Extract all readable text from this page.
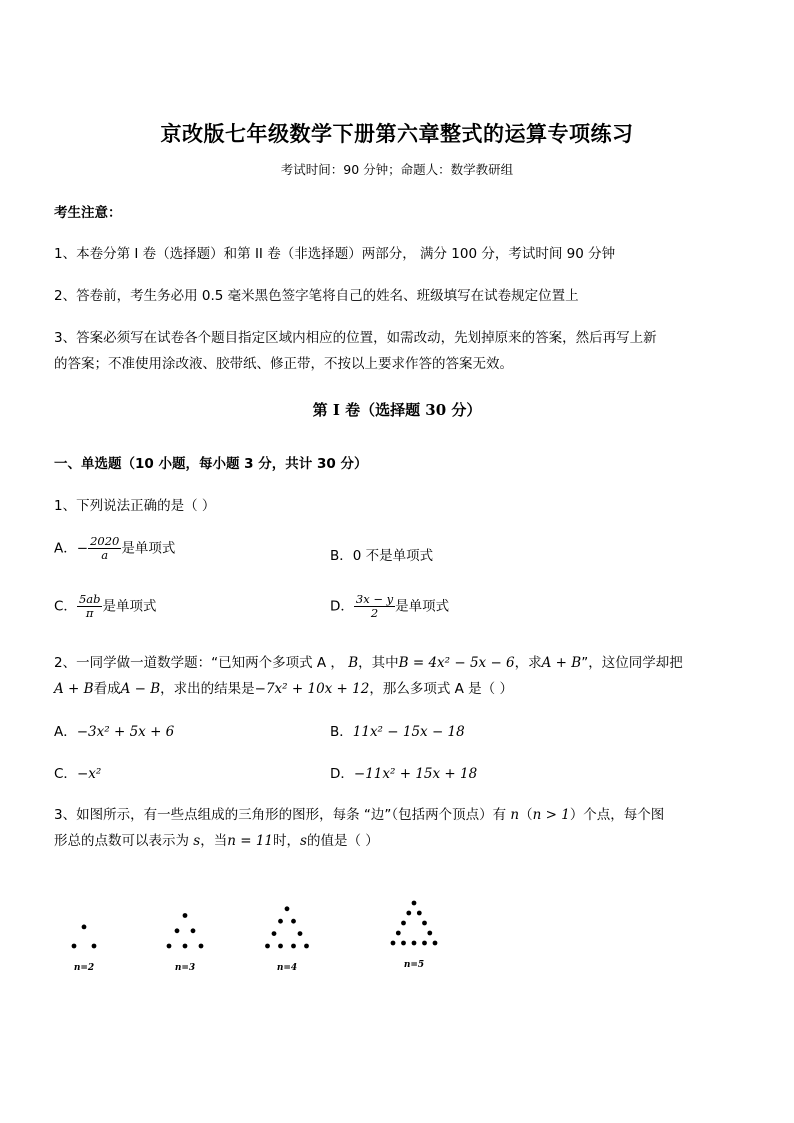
京改版七年级数学下册第六章整式的运算专项练习
考试时间：90 分钟；命题人：数学教研组
考生注意：
1、本卷分第 I 卷（选择题）和第 II 卷（非选择题）两部分， 满分 100 分，考试时间 90 分钟
2、答卷前，考生务必用 0.5 毫米黑色签字笔将自己的姓名、班级填写在试卷规定位置上
3、答案必须写在试卷各个题目指定区域内相应的位置，如需改动，先划掉原来的答案，然后再写上新
的答案；不准使用涂改液、胶带纸、修正带，不按以上要求作答的答案无效。
第 I 卷（选择题 30 分）
一、单选题（10 小题，每小题 3 分，共计 30 分）
1、下列说法正确的是（ ）
A．− $\frac{2020}{a}$ 是单项式	B．0 不是单项式
C． $\frac{5ab}{\pi}$ 是单项式	D． $\frac{3x - y}{2}$ 是单项式
2、一同学做一道数学题：“已知两个多项式 A ， B，其中B = 4x² − 5x − 6，求A + B”，这位同学却把
A + B看成A − B，求出的结果是−7x² + 10x + 12，那么多项式 A 是（ ）
A．−3x² + 5x + 6	B．11x² − 15x − 18
C．−x²	D．−11x² + 15x + 18
3、如图所示，有一些点组成的三角形的图形，每条 “边”（包括两个顶点）有 n（n > 1）个点，每个图
形总的点数可以表示为 s，当n = 11时，s的值是（ ）
n=2	n=3	n=4	n=5
